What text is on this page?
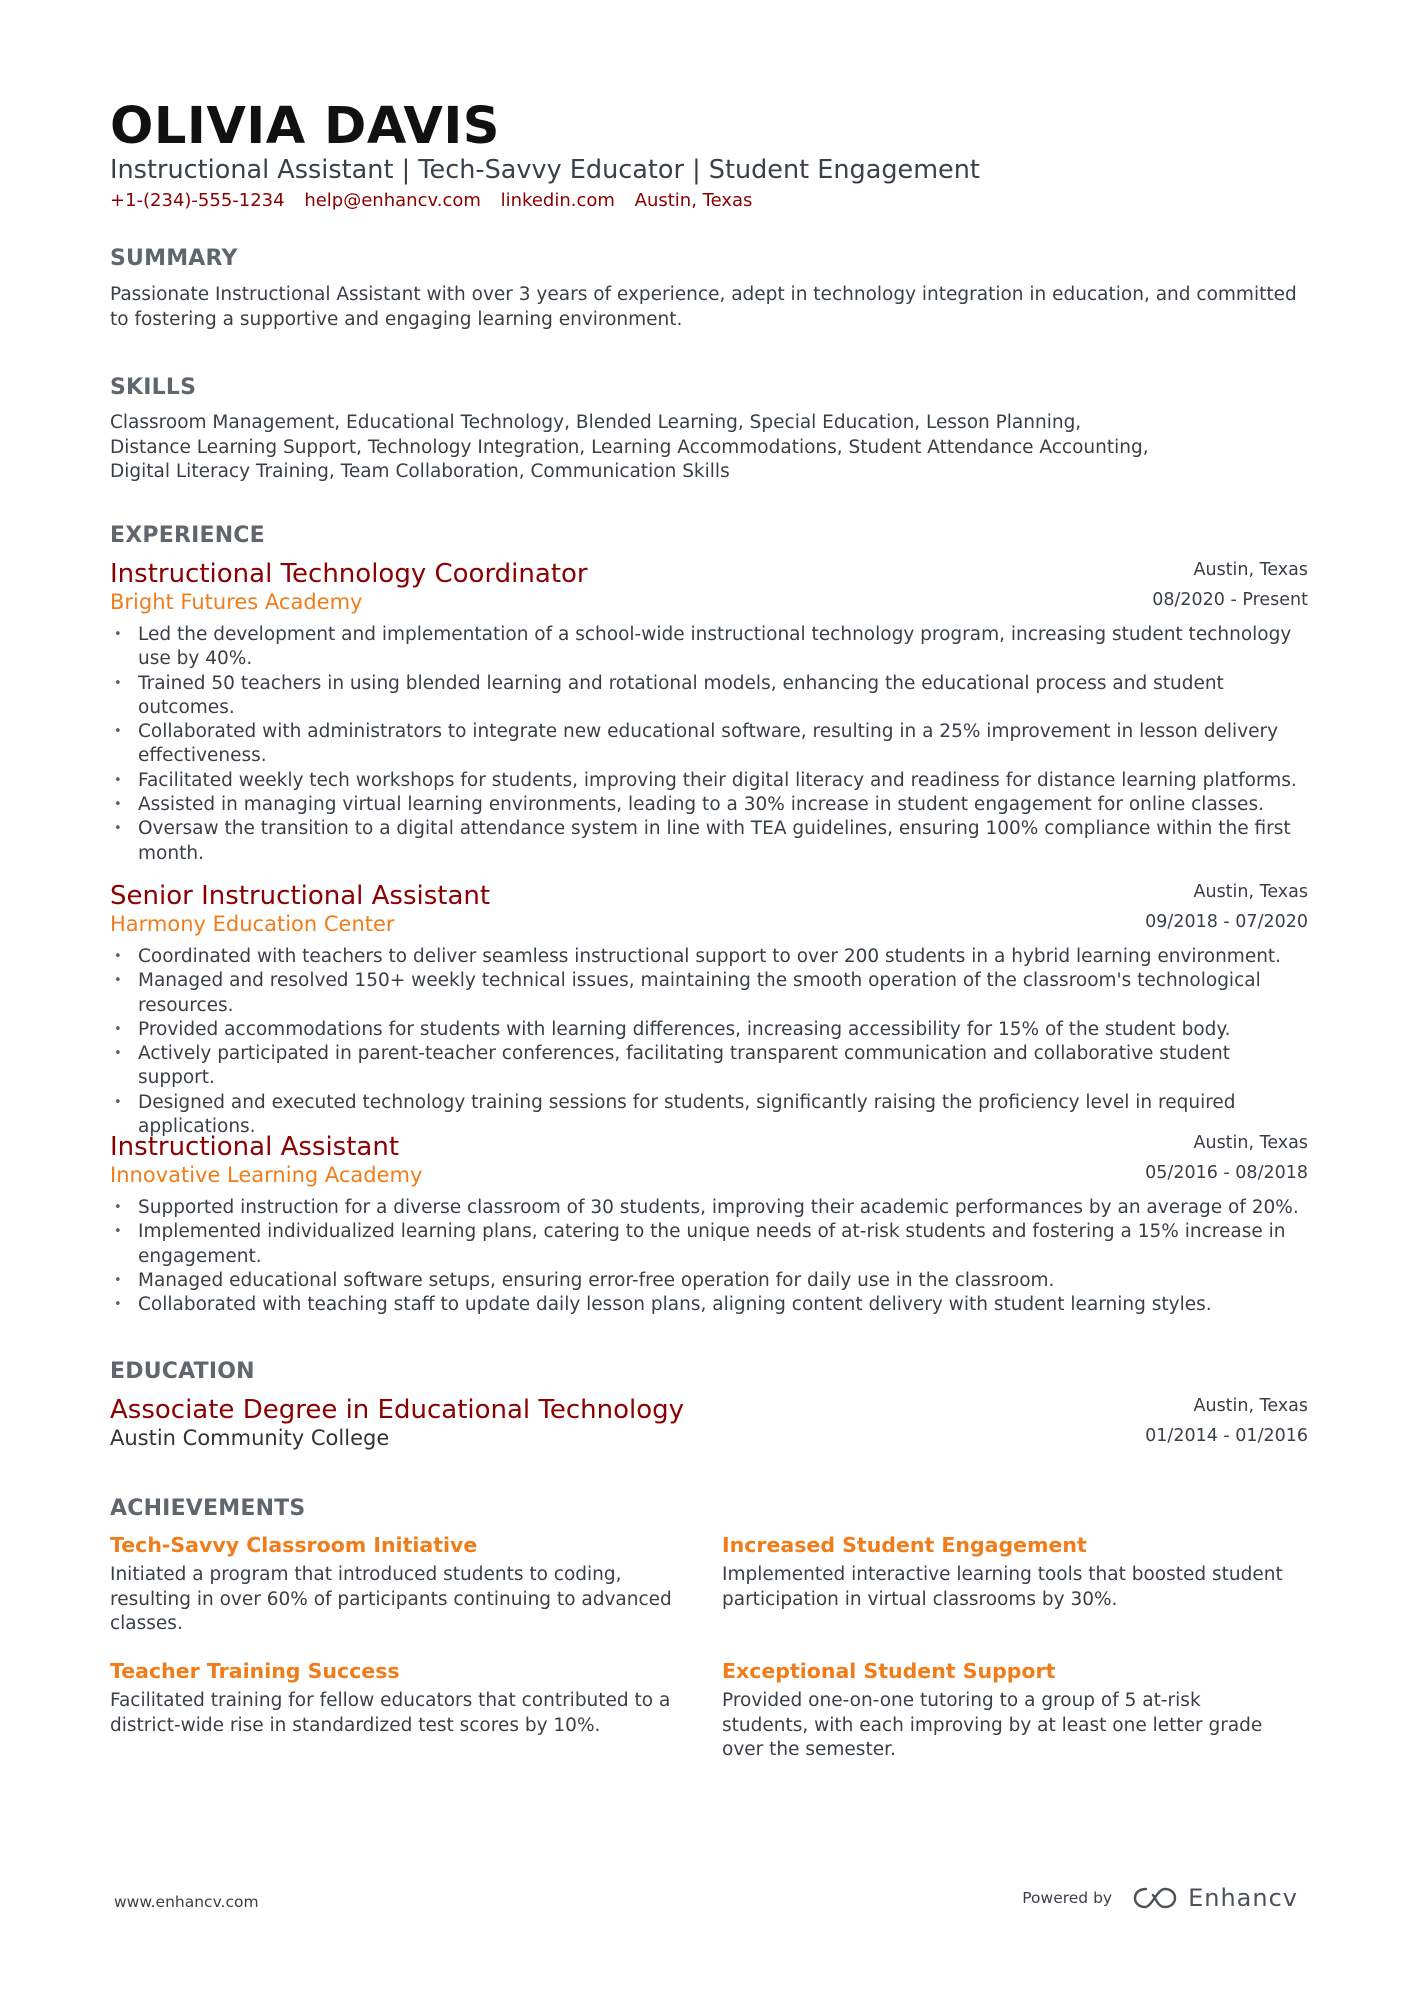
OLIVIA DAVIS
Instructional Assistant | Tech-Savvy Educator | Student Engagement
+1-(234)-555-1234 help@enhancv.com linkedin.com Austin, Texas
SUMMARY
Passionate Instructional Assistant with over 3 years of experience, adept in technology integration in education, and committed to fostering a supportive and engaging learning environment.
SKILLS
Classroom Management, Educational Technology, Blended Learning, Special Education, Lesson Planning,
Distance Learning Support, Technology Integration, Learning Accommodations, Student Attendance Accounting,
Digital Literacy Training, Team Collaboration, Communication Skills
EXPERIENCE
Instructional Technology Coordinator	Austin, Texas
Bright Futures Academy	08/2020 - Present
• Led the development and implementation of a school-wide instructional technology program, increasing student technology use by 40%.
• Trained 50 teachers in using blended learning and rotational models, enhancing the educational process and student outcomes.
• Collaborated with administrators to integrate new educational software, resulting in a 25% improvement in lesson delivery effectiveness.
• Facilitated weekly tech workshops for students, improving their digital literacy and readiness for distance learning platforms.
• Assisted in managing virtual learning environments, leading to a 30% increase in student engagement for online classes.
• Oversaw the transition to a digital attendance system in line with TEA guidelines, ensuring 100% compliance within the first month.
Senior Instructional Assistant	Austin, Texas
Harmony Education Center	09/2018 - 07/2020
• Coordinated with teachers to deliver seamless instructional support to over 200 students in a hybrid learning environment.
• Managed and resolved 150+ weekly technical issues, maintaining the smooth operation of the classroom's technological resources.
• Provided accommodations for students with learning differences, increasing accessibility for 15% of the student body.
• Actively participated in parent-teacher conferences, facilitating transparent communication and collaborative student support.
• Designed and executed technology training sessions for students, significantly raising the proficiency level in required applications.
Instructional Assistant	Austin, Texas
Innovative Learning Academy	05/2016 - 08/2018
• Supported instruction for a diverse classroom of 30 students, improving their academic performances by an average of 20%.
• Implemented individualized learning plans, catering to the unique needs of at-risk students and fostering a 15% increase in engagement.
• Managed educational software setups, ensuring error-free operation for daily use in the classroom.
• Collaborated with teaching staff to update daily lesson plans, aligning content delivery with student learning styles.
EDUCATION
Associate Degree in Educational Technology	Austin, Texas
Austin Community College	01/2014 - 01/2016
ACHIEVEMENTS
Tech-Savvy Classroom Initiative
Initiated a program that introduced students to coding, resulting in over 60% of participants continuing to advanced classes.
Increased Student Engagement
Implemented interactive learning tools that boosted student participation in virtual classrooms by 30%.
Teacher Training Success
Facilitated training for fellow educators that contributed to a district-wide rise in standardized test scores by 10%.
Exceptional Student Support
Provided one-on-one tutoring to a group of 5 at-risk students, with each improving by at least one letter grade over the semester.
www.enhancv.com	Powered by	Enhancv
